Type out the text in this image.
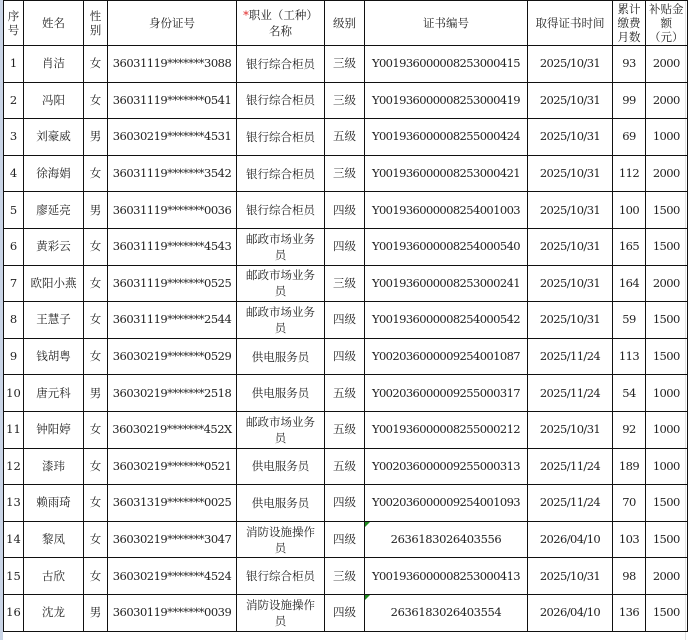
序号	姓名	性别	身份证号	*职业（工种）名称	级别	证书编号	取得证书时间	累计缴费月数	补贴金额（元）
1	肖洁	女	36031119*******3088	银行综合柜员	三级	Y001936000008253000415	2025/10/31	93	2000
2	冯阳	女	36031119*******0541	银行综合柜员	三级	Y001936000008253000419	2025/10/31	99	2000
3	刘豪威	男	36030219*******4531	银行综合柜员	五级	Y001936000008255000424	2025/10/31	69	1000
4	徐海娟	女	36031119*******3542	银行综合柜员	三级	Y001936000008253000421	2025/10/31	112	2000
5	廖延亮	男	36031119*******0036	银行综合柜员	四级	Y001936000008254001003	2025/10/31	100	1500
6	黄彩云	女	36031119*******4543	邮政市场业务员	四级	Y001936000008254000540	2025/10/31	165	1500
7	欧阳小燕	女	36031119*******0525	邮政市场业务员	三级	Y001936000008253000241	2025/10/31	164	2000
8	王慧子	女	36031119*******2544	邮政市场业务员	四级	Y001936000008254000542	2025/10/31	59	1500
9	钱胡粤	女	36030219*******0529	供电服务员	四级	Y002036000009254001087	2025/11/24	113	1500
10	唐元科	男	36030219*******2518	供电服务员	五级	Y002036000009255000317	2025/11/24	54	1000
11	钟阳婷	女	36030219*******452X	邮政市场业务员	五级	Y001936000008255000212	2025/10/31	92	1000
12	漆玮	女	36030219*******0521	供电服务员	五级	Y002036000009255000313	2025/11/24	189	1000
13	赖雨琦	女	36031319*******0025	供电服务员	四级	Y002036000009254001093	2025/11/24	70	1500
14	黎凤	女	36030219*******3047	消防设施操作员	四级	2636183026403556	2026/04/10	103	1500
15	古欣	女	36030219*******4524	银行综合柜员	三级	Y001936000008253000413	2025/10/31	98	2000
16	沈龙	男	36030119*******0039	消防设施操作员	四级	2636183026403554	2026/04/10	136	1500
